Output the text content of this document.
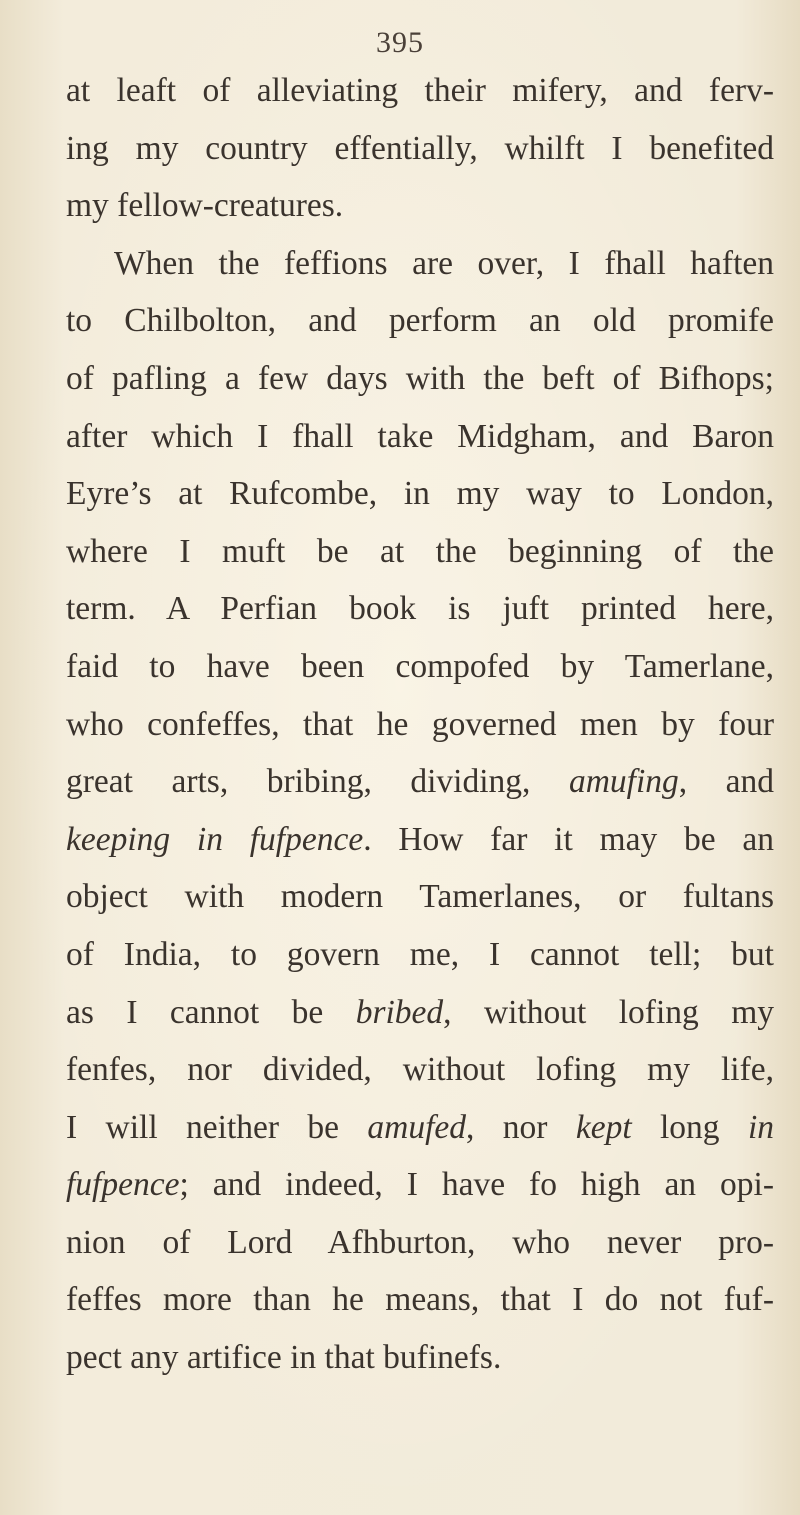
395
at leaft of alleviating their mifery, and ferv-
ing my country effentially, whilft I benefited
my fellow-creatures.
When the feffions are over, I fhall haften
to Chilbolton, and perform an old promife
of pafling a few days with the beft of Bifhops;
after which I fhall take Midgham, and Baron
Eyre’s at Rufcombe, in my way to London,
where I muft be at the beginning of the
term. A Perfian book is juft printed here,
faid to have been compofed by Tamerlane,
who confeffes, that he governed men by four
great arts, bribing, dividing, amufing, and
keeping in fufpence. How far it may be an
object with modern Tamerlanes, or fultans
of India, to govern me, I cannot tell; but
as I cannot be bribed, without lofing my
fenfes, nor divided, without lofing my life,
I will neither be amufed, nor kept long in
fufpence; and indeed, I have fo high an opi-
nion of Lord Afhburton, who never pro-
feffes more than he means, that I do not fuf-
pect any artifice in that bufinefs.
